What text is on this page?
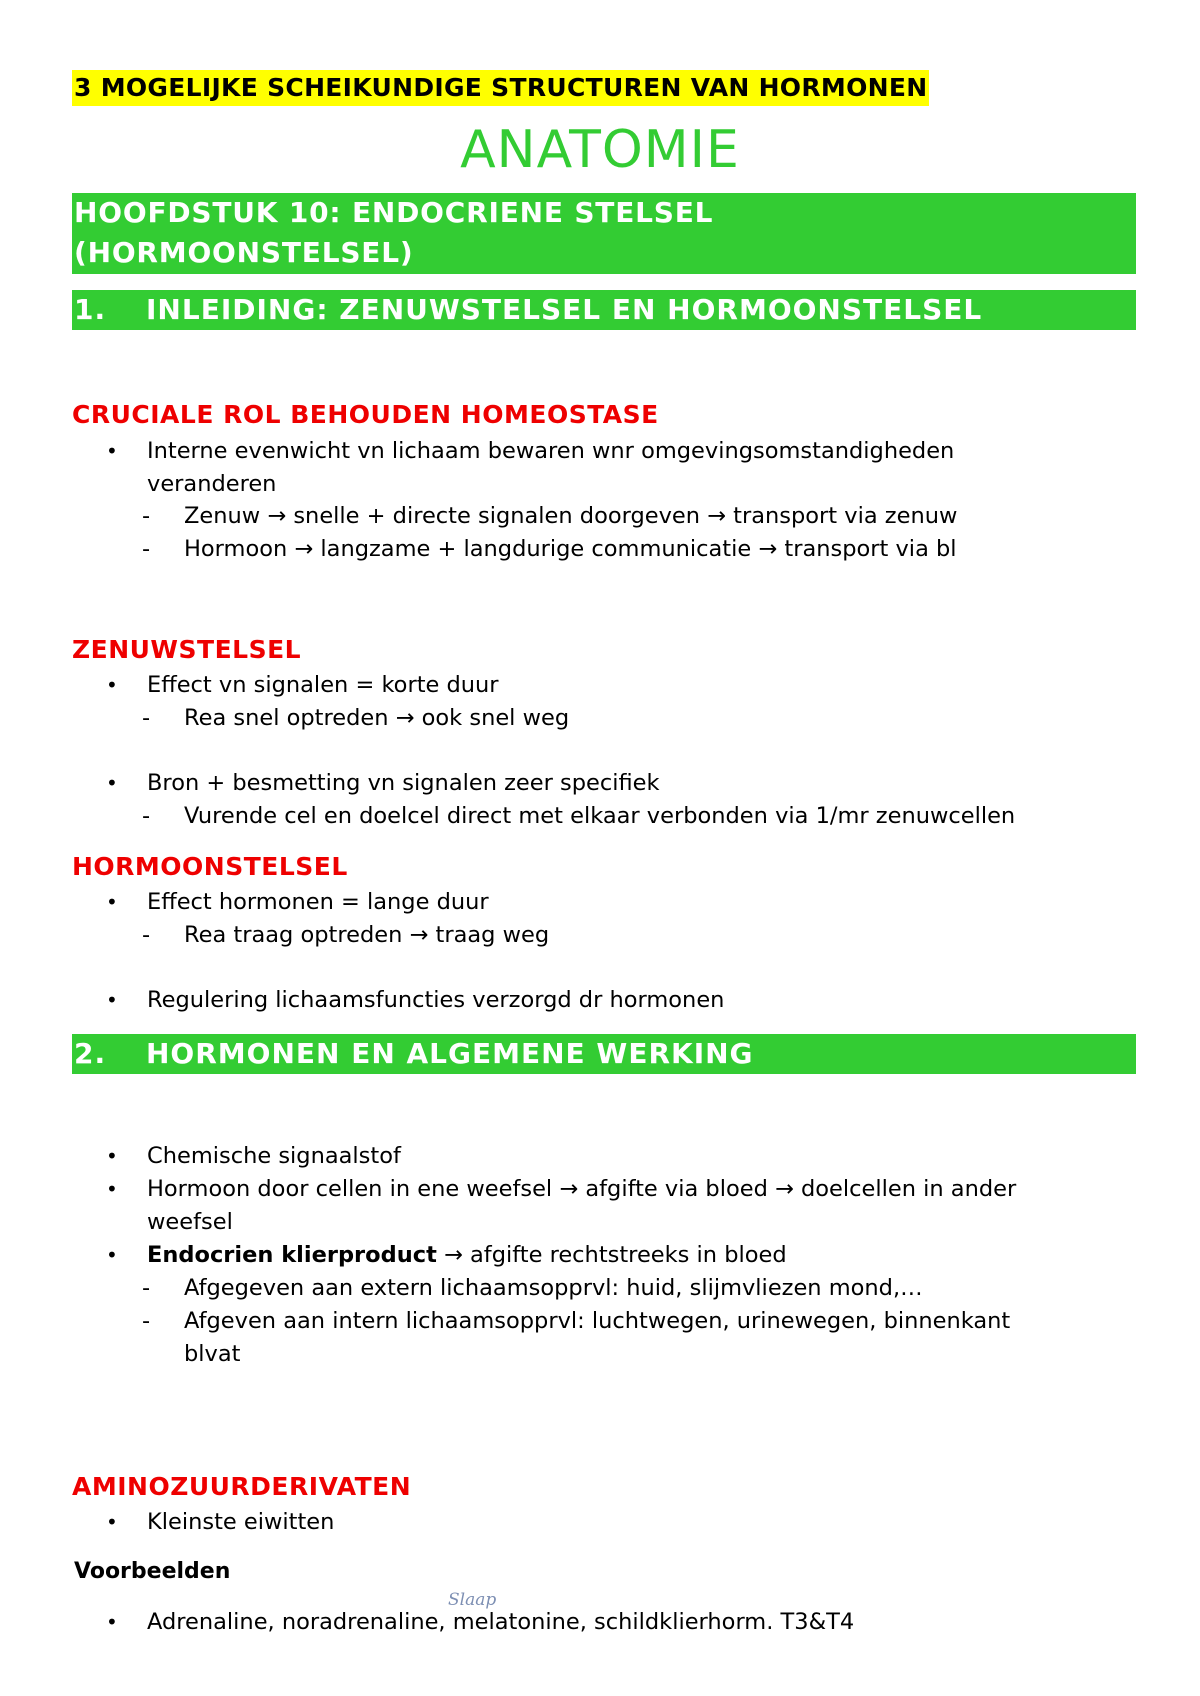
3 MOGELIJKE SCHEIKUNDIGE STRUCTUREN VAN HORMONEN
ANATOMIE
HOOFDSTUK 10: ENDOCRIENE STELSEL
(HORMOONSTELSEL)
1. INLEIDING: ZENUWSTELSEL EN HORMOONSTELSEL
CRUCIALE ROL BEHOUDEN HOMEOSTASE
• Interne evenwicht vn lichaam bewaren wnr omgevingsomstandigheden
veranderen
- Zenuw → snelle + directe signalen doorgeven → transport via zenuw
- Hormoon → langzame + langdurige communicatie → transport via bl
ZENUWSTELSEL
• Effect vn signalen = korte duur
- Rea snel optreden → ook snel weg
• Bron + besmetting vn signalen zeer specifiek
- Vurende cel en doelcel direct met elkaar verbonden via 1/mr zenuwcellen
HORMOONSTELSEL
• Effect hormonen = lange duur
- Rea traag optreden → traag weg
• Regulering lichaamsfuncties verzorgd dr hormonen
2. HORMONEN EN ALGEMENE WERKING
• Chemische signaalstof
• Hormoon door cellen in ene weefsel → afgifte via bloed → doelcellen in ander
weefsel
• Endocrien klierproduct → afgifte rechtstreeks in bloed
- Afgegeven aan extern lichaamsopprvl: huid, slijmvliezen mond,…
- Afgeven aan intern lichaamsopprvl: luchtwegen, urinewegen, binnenkant
blvat
AMINOZUURDERIVATEN
• Kleinste eiwitten
Voorbeelden
Slaap
• Adrenaline, noradrenaline, melatonine, schildklierhorm. T3&T4
